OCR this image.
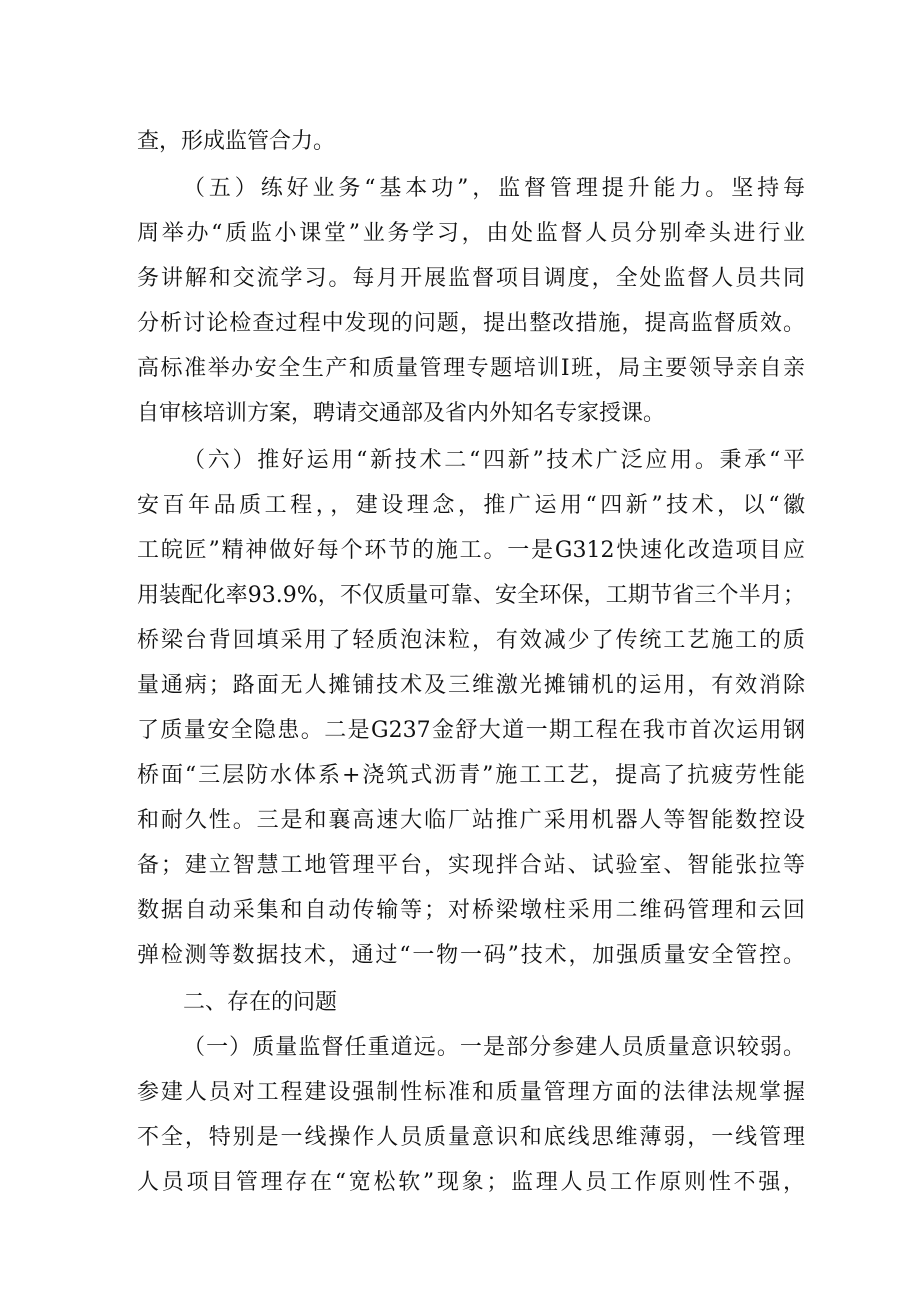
查，形成监管合力。
（五）练好业务“基本功”，监督管理提升能力。坚持每
周举办“质监小课堂”业务学习，由处监督人员分别牵头进行业
务讲解和交流学习。每月开展监督项目调度，全处监督人员共同
分析讨论检查过程中发现的问题，提出整改措施，提高监督质效。
高标准举办安全生产和质量管理专题培训I班，局主要领导亲自亲
自审核培训方案，聘请交通部及省内外知名专家授课。
（六）推好运用“新技术二“四新”技术广泛应用。秉承“平
安百年品质工程，，建设理念，推广运用“四新”技术，以“徽
工皖匠”精神做好每个环节的施工。一是G312快速化改造项目应
用装配化率93.9%，不仅质量可靠、安全环保，工期节省三个半月；
桥梁台背回填采用了轻质泡沫粒，有效减少了传统工艺施工的质
量通病；路面无人摊铺技术及三维激光摊铺机的运用，有效消除
了质量安全隐患。二是G237金舒大道一期工程在我市首次运用钢
桥面“三层防水体系+浇筑式沥青”施工工艺，提高了抗疲劳性能
和耐久性。三是和襄高速大临厂站推广采用机器人等智能数控设
备；建立智慧工地管理平台，实现拌合站、试验室、智能张拉等
数据自动采集和自动传输等；对桥梁墩柱采用二维码管理和云回
弹检测等数据技术，通过“一物一码”技术，加强质量安全管控。
二、存在的问题
（一）质量监督任重道远。一是部分参建人员质量意识较弱。
参建人员对工程建设强制性标准和质量管理方面的法律法规掌握
不全，特别是一线操作人员质量意识和底线思维薄弱，一线管理
人员项目管理存在“宽松软”现象；监理人员工作原则性不强，
